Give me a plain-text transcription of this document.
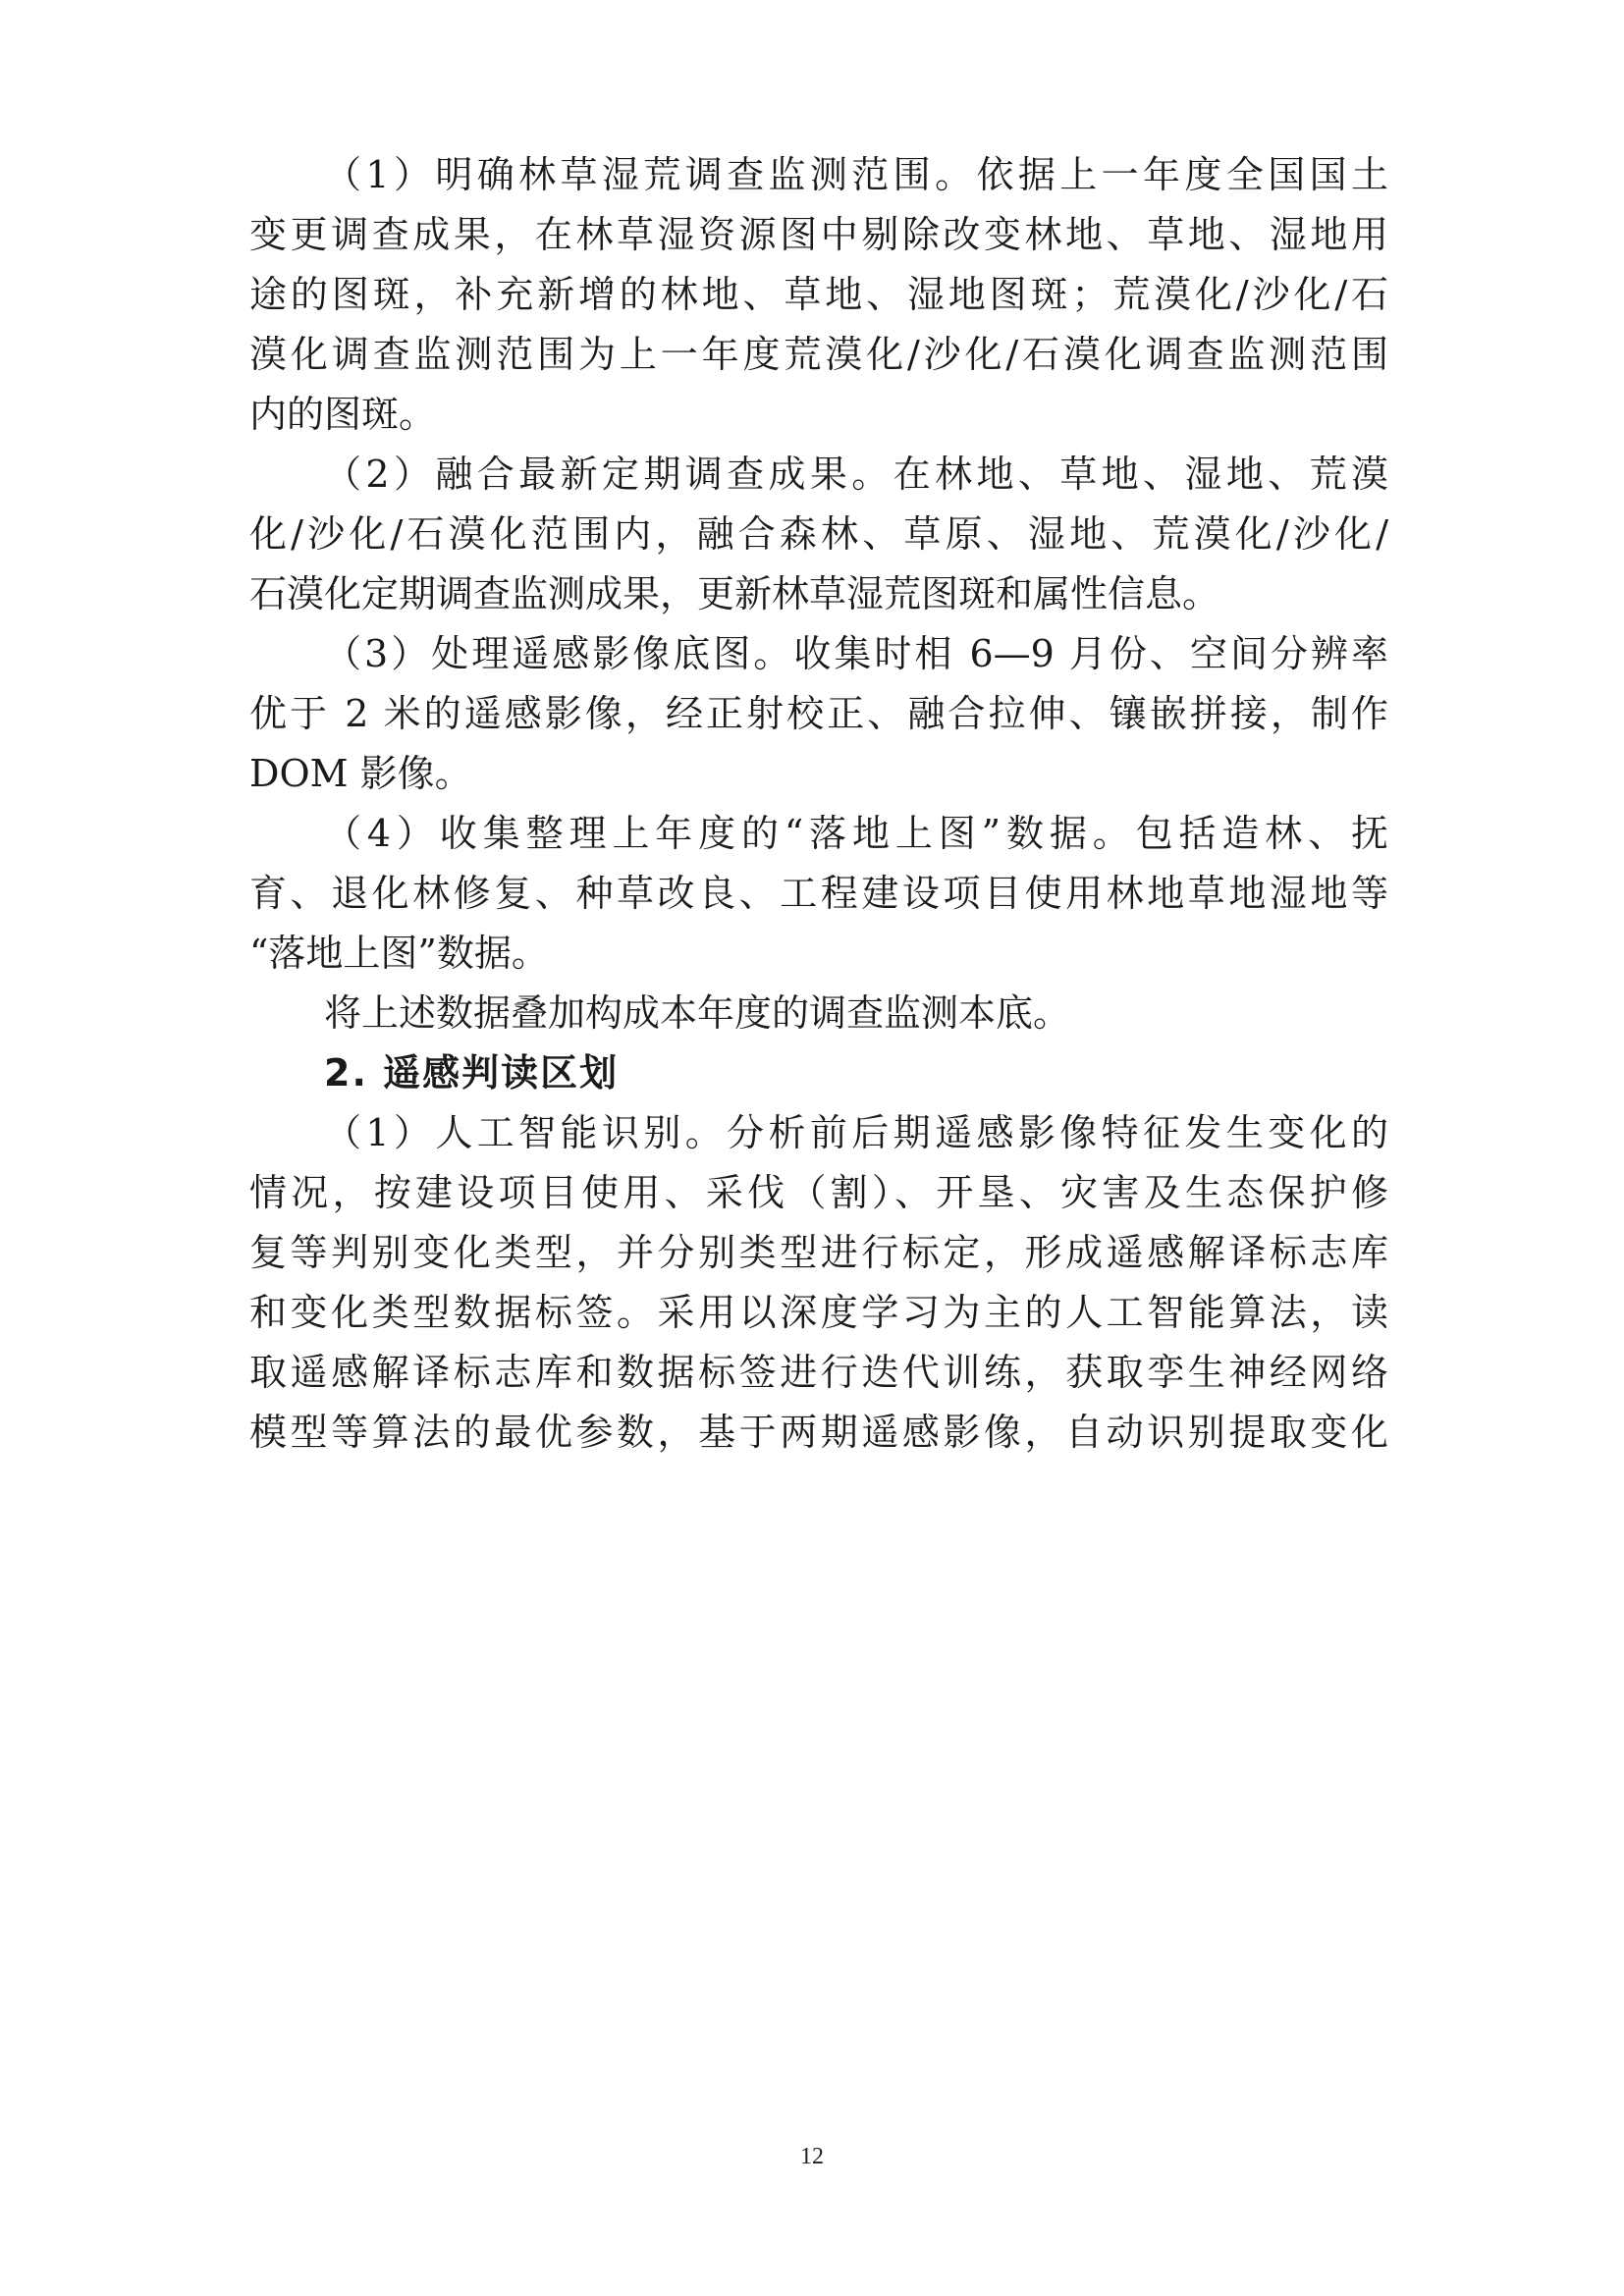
（1）明确林草湿荒调查监测范围。依据上一年度全国国土

变更调查成果，在林草湿资源图中剔除改变林地、草地、湿地用

途的图斑，补充新增的林地、草地、湿地图斑；荒漠化/沙化/石

漠化调查监测范围为上一年度荒漠化/沙化/石漠化调查监测范围

内的图斑。

（2）融合最新定期调查成果。在林地、草地、湿地、荒漠

化/沙化/石漠化范围内，融合森林、草原、湿地、荒漠化/沙化/

石漠化定期调查监测成果，更新林草湿荒图斑和属性信息。

（3）处理遥感影像底图。收集时相 6—9 月份、空间分辨率

优于 2 米的遥感影像，经正射校正、融合拉伸、镶嵌拼接，制作

DOM 影像。

（4）收集整理上年度的“落地上图”数据。包括造林、抚

育、退化林修复、种草改良、工程建设项目使用林地草地湿地等

“落地上图”数据。

将上述数据叠加构成本年度的调查监测本底。

2. 遥感判读区划

（1）人工智能识别。分析前后期遥感影像特征发生变化的

情况，按建设项目使用、采伐（割）、开垦、灾害及生态保护修

复等判别变化类型，并分别类型进行标定，形成遥感解译标志库

和变化类型数据标签。采用以深度学习为主的人工智能算法，读

取遥感解译标志库和数据标签进行迭代训练，获取孪生神经网络

模型等算法的最优参数，基于两期遥感影像，自动识别提取变化

12
